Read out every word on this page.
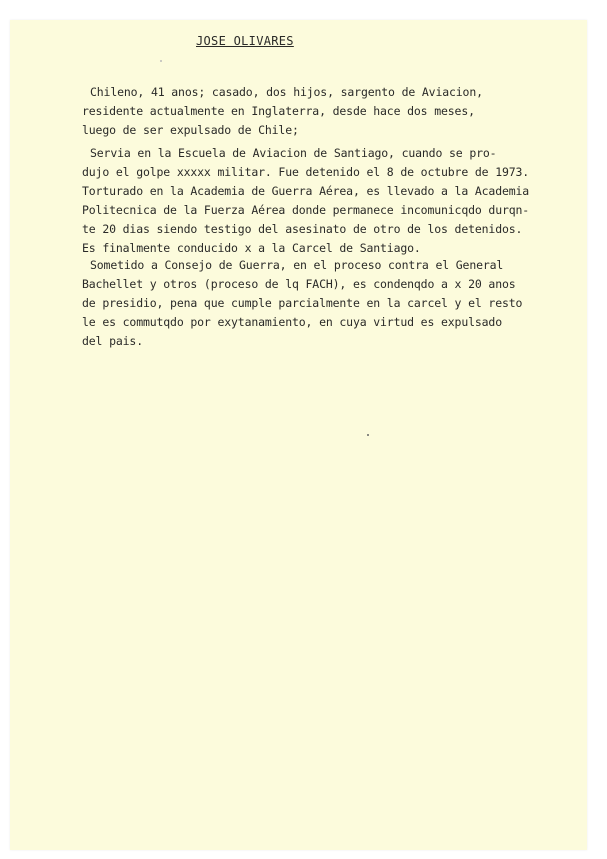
JOSE OLIVARES
Chileno, 41 anos; casado, dos hijos, sargento de Aviacion,
residente actualmente en Inglaterra, desde hace dos meses,
luego de ser expulsado de Chile;
Servia en la Escuela de Aviacion de Santiago, cuando se pro-
dujo el golpe xxxxx militar. Fue detenido el 8 de octubre de 1973.
Torturado en la Academia de Guerra Aérea, es llevado a la Academia
Politecnica de la Fuerza Aérea donde permanece incomunicqdo durqn-
te 20 dias siendo testigo del asesinato de otro de los detenidos.
Es finalmente conducido x a la Carcel de Santiago.
Sometido a Consejo de Guerra, en el proceso contra el General
Bachellet y otros (proceso de lq FACH), es condenqdo a x 20 anos
de presidio, pena que cumple parcialmente en la carcel y el resto
le es commutqdo por exytanamiento, en cuya virtud es expulsado
del pais.
